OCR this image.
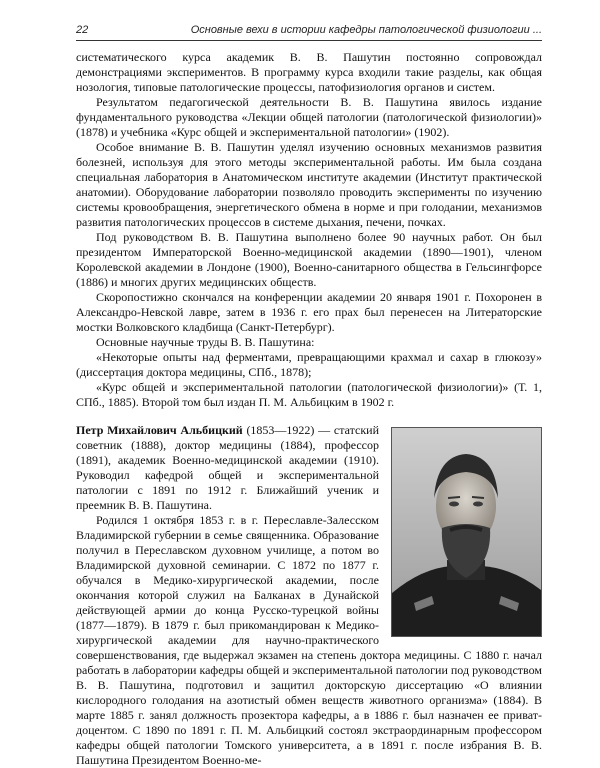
22	Основные вехи в истории кафедры патологической физиологии ...

систематического курса академик В. В. Пашутин постоянно сопровождал демонстрациями экспериментов. В программу курса входили такие разделы, как общая нозология, типовые патологические процессы, патофизиология органов и систем.

Результатом педагогической деятельности В. В. Пашутина явилось издание фундаментального руководства «Лекции общей патологии (патологической физиологии)» (1878) и учебника «Курс общей и экспериментальной патологии» (1902).

Особое внимание В. В. Пашутин уделял изучению основных механизмов развития болезней, используя для этого методы экспериментальной работы. Им была создана специальная лаборатория в Анатомическом институте академии (Институт практической анатомии). Оборудование лаборатории позволяло проводить эксперименты по изучению системы кровообращения, энергетического обмена в норме и при голодании, механизмов развития патологических процессов в системе дыхания, печени, почках.

Под руководством В. В. Пашутина выполнено более 90 научных работ. Он был президентом Императорской Военно-медицинской академии (1890—1901), членом Королевской академии в Лондоне (1900), Военно-санитарного общества в Гельсингфорсе (1886) и многих других медицинских обществ.

Скоропостижно скончался на конференции академии 20 января 1901 г. Похоронен в Александро-Невской лавре, затем в 1936 г. его прах был перенесен на Литераторские мостки Волковского кладбища (Санкт-Петербург).

Основные научные труды В. В. Пашутина:

«Некоторые опыты над ферментами, превращающими крахмал и сахар в глюкозу» (диссертация доктора медицины, СПб., 1878);

«Курс общей и экспериментальной патологии (патологической физиологии)» (Т. 1, СПб., 1885). Второй том был издан П. М. Альбицким в 1902 г.

Петр Михайлович Альбицкий (1853—1922) — статский советник (1888), доктор медицины (1884), профессор (1891), академик Военно-медицинской академии (1910). Руководил кафедрой общей и экспериментальной патологии с 1891 по 1912 г. Ближайший ученик и преемник В. В. Пашутина.

Родился 1 октября 1853 г. в г. Переславле-Залесском Владимирской губернии в семье священника. Образование получил в Переславском духовном училище, а потом во Владимирской духовной семинарии. С 1872 по 1877 г. обучался в Медико-хирургической академии, после окончания которой служил на Балканах в Дунайской действующей армии до конца Русско-турецкой войны (1877—1879). В 1879 г. был прикомандирован к Медико-хирургической академии для научно-практического совершенствования, где выдержал экзамен на степень доктора медицины. С 1880 г. начал работать в лаборатории кафедры общей и экспериментальной патологии под руководством В. В. Пашутина, подготовил и защитил докторскую диссертацию «О влиянии кислородного голодания на азотистый обмен веществ животного организма» (1884). В марте 1885 г. занял должность прозектора кафедры, а в 1886 г. был назначен ее приват-доцентом. С 1890 по 1891 г. П. М. Альбицкий состоял экстраординарным профессором кафедры общей патологии Томского университета, а в 1891 г. после избрания В. В. Пашутина Президентом Военно-ме-
